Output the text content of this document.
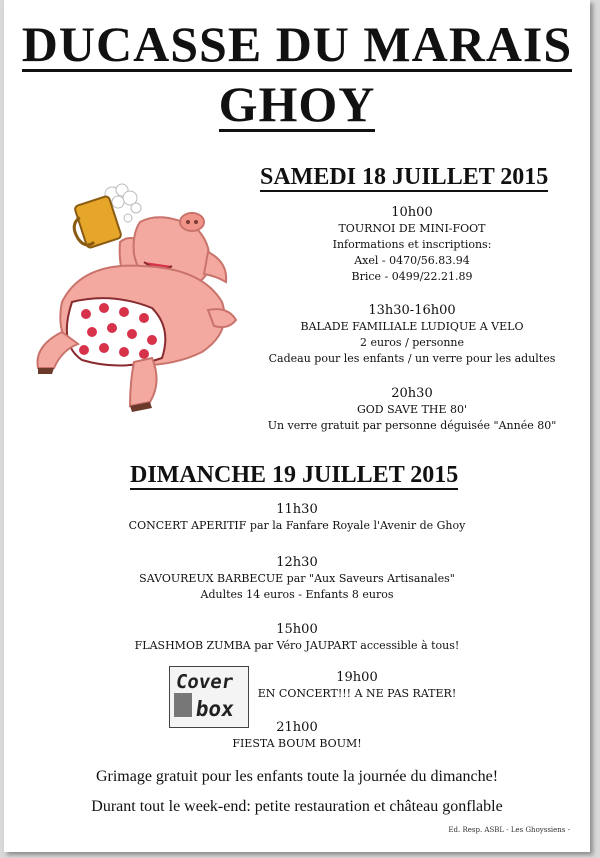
DUCASSE DU MARAIS
GHOY
SAMEDI 18 JUILLET 2015
10h00
TOURNOI DE MINI-FOOT
Informations et inscriptions:
Axel - 0470/56.83.94
Brice - 0499/22.21.89
13h30-16h00
BALADE FAMILIALE LUDIQUE A VELO
2 euros / personne
Cadeau pour les enfants / un verre pour les adultes
20h30
GOD SAVE THE 80'
Un verre gratuit par personne déguisée "Année 80"
DIMANCHE 19 JUILLET 2015
11h30
CONCERT APERITIF par la Fanfare Royale l'Avenir de Ghoy
12h30
SAVOUREUX BARBECUE par "Aux Saveurs Artisanales"
Adultes 14 euros - Enfants 8 euros
15h00
FLASHMOB ZUMBA par Véro JAUPART accessible à tous!
Cover
box
19h00
EN CONCERT!!! A NE PAS RATER!
21h00
FIESTA BOUM BOUM!
Grimage gratuit pour les enfants toute la journée du dimanche!
Durant tout le week-end: petite restauration et château gonflable
Ed. Resp. ASBL - Les Ghoyssiens -
